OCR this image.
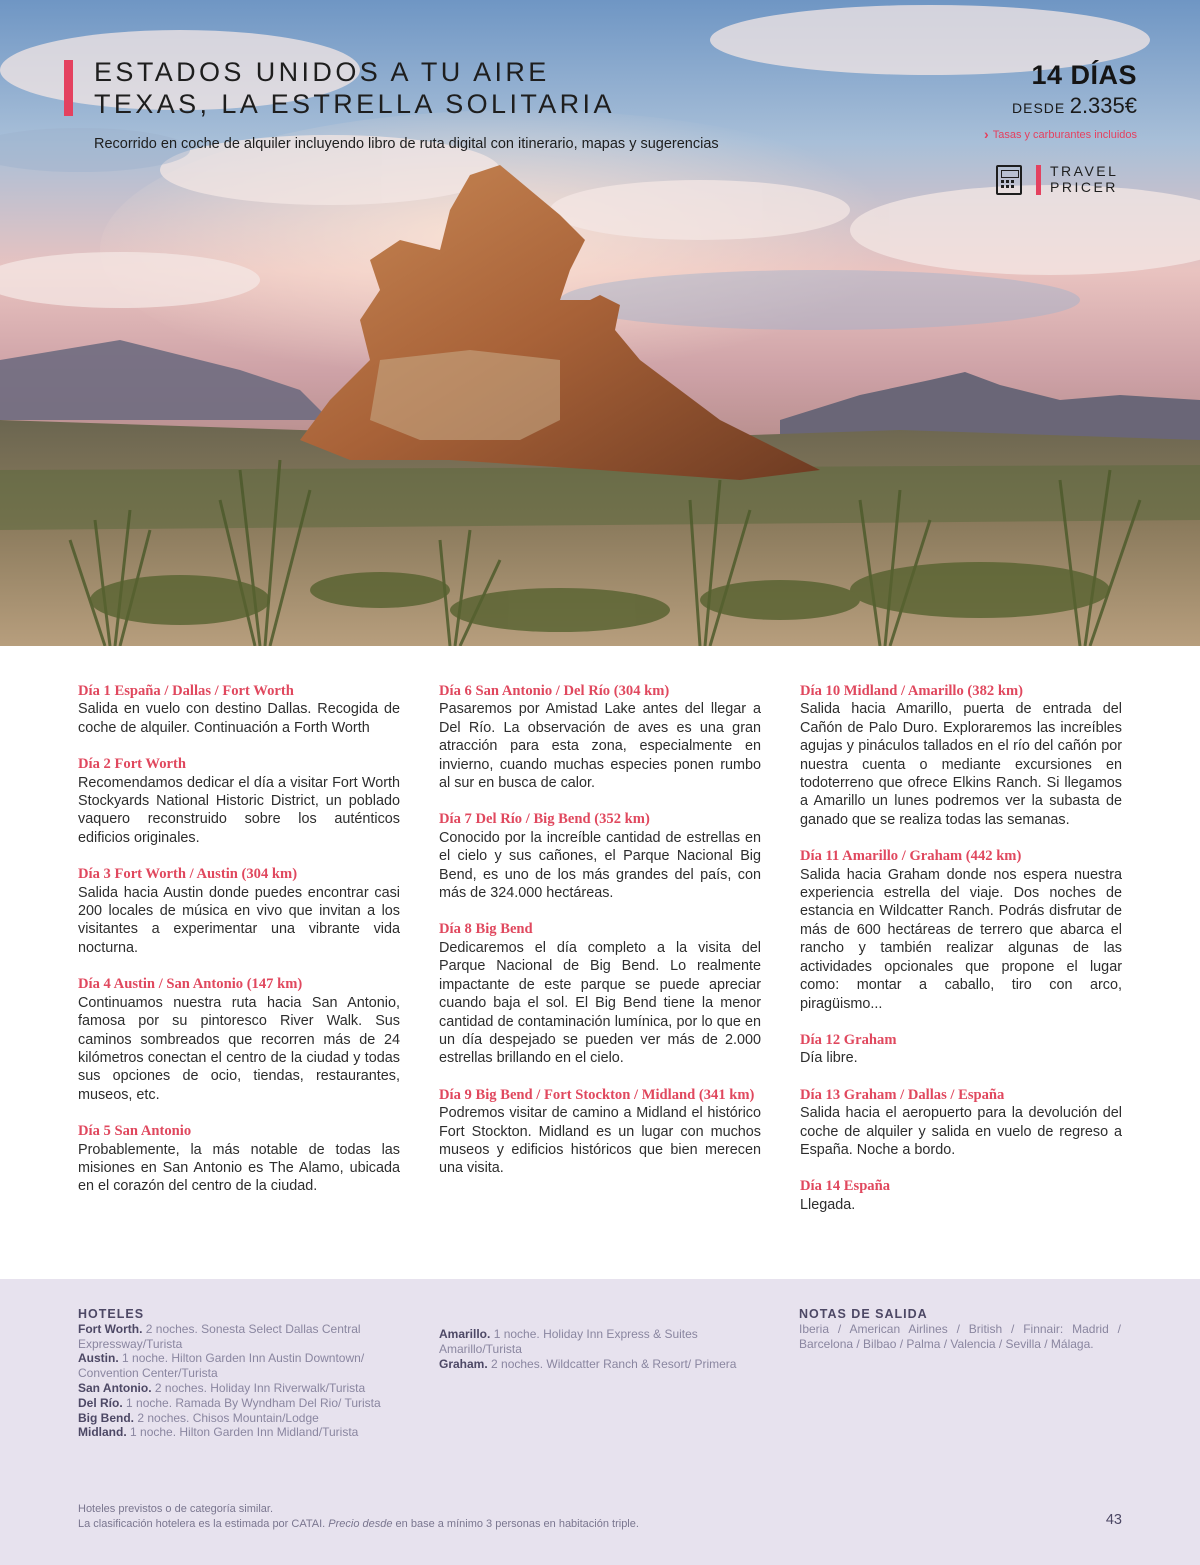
ESTADOS UNIDOS A TU AIRE
TEXAS, LA ESTRELLA SOLITARIA
Recorrido en coche de alquiler incluyendo libro de ruta digital con itinerario, mapas y sugerencias
14 DÍAS
DESDE 2.335€
› Tasas y carburantes incluidos
TRAVEL
PRICER
Día 1 España / Dallas / Fort Worth

Salida en vuelo con destino Dallas. Recogida de coche de alquiler. Continuación a Forth Worth

Día 2 Fort Worth

Recomendamos dedicar el día a visitar Fort Worth Stockyards National Historic District, un poblado vaquero reconstruido sobre los auténticos edificios originales.

Día 3 Fort Worth / Austin (304 km)

Salida hacia Austin donde puedes encontrar casi 200 locales de música en vivo que invitan a los visitantes a experimentar una vibrante vida nocturna.

Día 4 Austin / San Antonio (147 km)

Continuamos nuestra ruta hacia San Antonio, famosa por su pintoresco River Walk. Sus caminos sombreados que recorren más de 24 kilómetros conectan el centro de la ciudad y todas sus opciones de ocio, tiendas, restaurantes, museos, etc.

Día 5 San Antonio

Probablemente, la más notable de todas las misiones en San Antonio es The Alamo, ubicada en el corazón del centro de la ciudad.

Día 6 San Antonio / Del Río (304 km)

Pasaremos por Amistad Lake antes del llegar a Del Río. La observación de aves es una gran atracción para esta zona, especialmente en invierno, cuando muchas especies ponen rumbo al sur en busca de calor.

Día 7 Del Río / Big Bend (352 km)

Conocido por la increíble cantidad de estrellas en el cielo y sus cañones, el Parque Nacional Big Bend, es uno de los más grandes del país, con más de 324.000 hectáreas.

Día 8 Big Bend

Dedicaremos el día completo a la visita del Parque Nacional de Big Bend. Lo realmente impactante de este parque se puede apreciar cuando baja el sol. El Big Bend tiene la menor cantidad de contaminación lumínica, por lo que en un día despejado se pueden ver más de 2.000 estrellas brillando en el cielo.

Día 9 Big Bend / Fort Stockton / Midland (341 km)

Podremos visitar de camino a Midland el histórico Fort Stockton. Midland es un lugar con muchos museos y edificios históricos que bien merecen una visita.

Día 10 Midland / Amarillo (382 km)

Salida hacia Amarillo, puerta de entrada del Cañón de Palo Duro. Exploraremos las increíbles agujas y pináculos tallados en el río del cañón por nuestra cuenta o mediante excursiones en todoterreno que ofrece Elkins Ranch. Si llegamos a Amarillo un lunes podremos ver la subasta de ganado que se realiza todas las semanas.

Día 11 Amarillo / Graham (442 km)

Salida hacia Graham donde nos espera nuestra experiencia estrella del viaje. Dos noches de estancia en Wildcatter Ranch. Podrás disfrutar de más de 600 hectáreas de terrero que abarca el rancho y también realizar algunas de las actividades opcionales que propone el lugar como: montar a caballo, tiro con arco, piragüismo...

Día 12 Graham

Día libre.

Día 13 Graham / Dallas / España

Salida hacia el aeropuerto para la devolución del coche de alquiler y salida en vuelo de regreso a España. Noche a bordo.

Día 14 España

Llegada.

HOTELES
Fort Worth. 2 noches. Sonesta Select Dallas Central Expressway/Turista
Austin. 1 noche. Hilton Garden Inn Austin Downtown/ Convention Center/Turista
San Antonio. 2 noches. Holiday Inn Riverwalk/Turista
Del Río. 1 noche. Ramada By Wyndham Del Rio/ Turista
Big Bend. 2 noches. Chisos Mountain/Lodge
Midland. 1 noche. Hilton Garden Inn Midland/Turista
Amarillo. 1 noche. Holiday Inn Express & Suites Amarillo/Turista
Graham. 2 noches. Wildcatter Ranch & Resort/ Primera
NOTAS DE SALIDA
Iberia / American Airlines / British / Finnair: Madrid / Barcelona / Bilbao / Palma / Valencia / Sevilla / Málaga.
Hoteles previstos o de categoría similar.
La clasificación hotelera es la estimada por CATAI. Precio desde en base a mínimo 3 personas en habitación triple.	43
